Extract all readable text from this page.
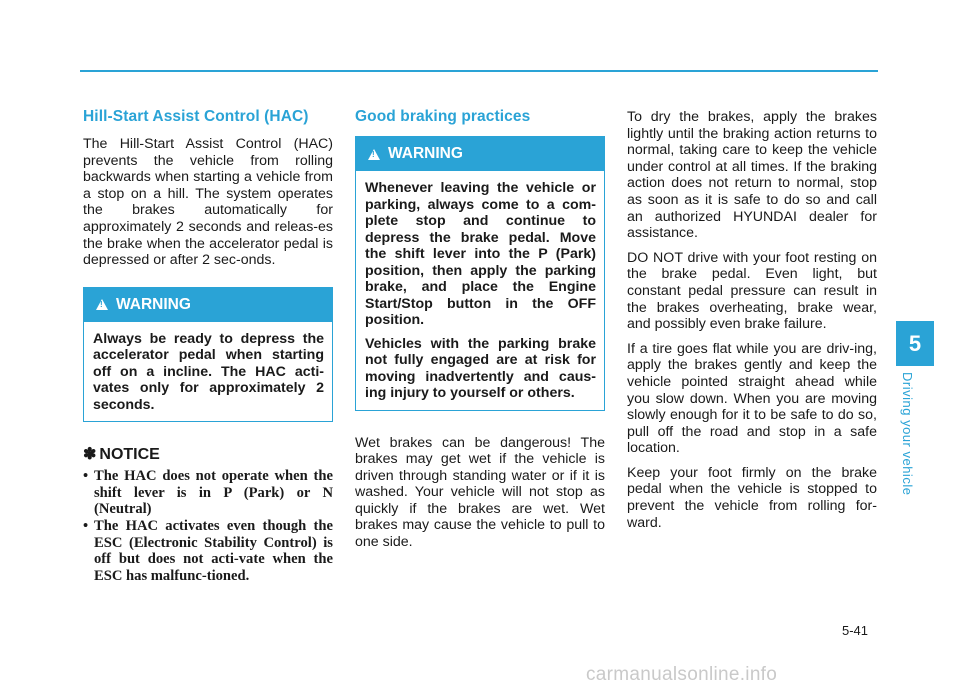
Hill-Start Assist Control (HAC)

The Hill-Start Assist Control (HAC) prevents the vehicle from rolling backwards when starting a vehicle from a stop on a hill. The system operates the brakes automatically for approximately 2 seconds and releas-es the brake when the accelerator pedal is depressed or after 2 sec-onds.

!
WARNING

Always be ready to depress the accelerator pedal when starting off on a incline. The HAC acti-vates only for approximately 2 seconds.

✽ NOTICE
• The HAC does not operate when the shift lever is in P (Park) or N (Neutral)
• The HAC activates even though the ESC (Electronic Stability Control) is off but does not acti-vate when the ESC has malfunc-tioned.
Good braking practices
!
WARNING

Whenever leaving the vehicle or parking, always come to a com-plete stop and continue to depress the brake pedal. Move the shift lever into the P (Park) position, then apply the parking brake, and place the Engine Start/Stop button in the OFF position.

Vehicles with the parking brake not fully engaged are at risk for moving inadvertently and caus-ing injury to yourself or others.

Wet brakes can be dangerous! The brakes may get wet if the vehicle is driven through standing water or if it is washed. Your vehicle will not stop as quickly if the brakes are wet. Wet brakes may cause the vehicle to pull to one side.

To dry the brakes, apply the brakes lightly until the braking action returns to normal, taking care to keep the vehicle under control at all times. If the braking action does not return to normal, stop as soon as it is safe to do so and call an authorized HYUNDAI dealer for assistance.

DO NOT drive with your foot resting on the brake pedal. Even light, but constant pedal pressure can result in the brakes overheating, brake wear, and possibly even brake failure.

If a tire goes flat while you are driv-ing, apply the brakes gently and keep the vehicle pointed straight ahead while you slow down. When you are moving slowly enough for it to be safe to do so, pull off the road and stop in a safe location.

Keep your foot firmly on the brake pedal when the vehicle is stopped to prevent the vehicle from rolling for-ward.

5
Driving your vehicle
5-41
carmanualsonline.info
